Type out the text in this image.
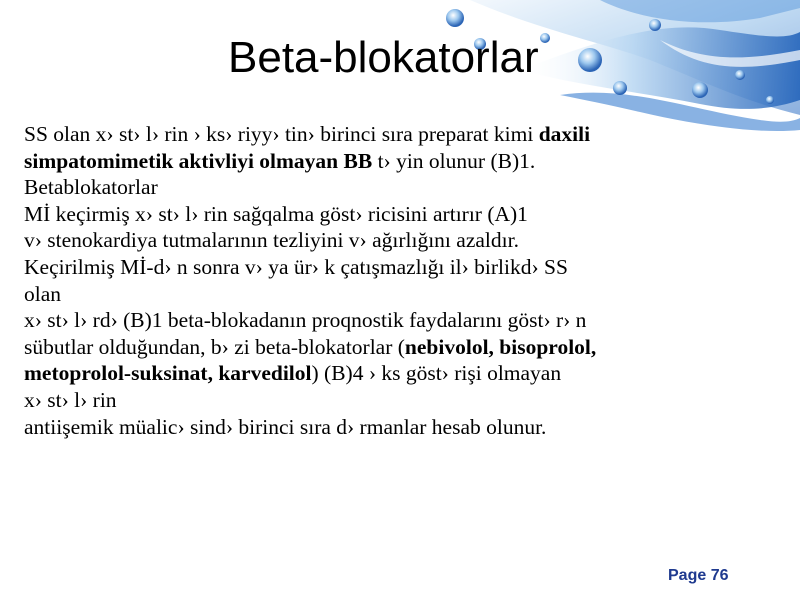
Beta-blokatorlar
SS olan x› st› l› rin › ks› riyy› tin› birinci sıra preparat kimi daxili
simpatomimetik aktivliyi olmayan BB t› yin olunur (B)1.
Betablokatorlar
Mİ keçirmiş x› st› l› rin sağqalma göst› ricisini artırır (A)1
v› stenokardiya tutmalarının tezliyini v› ağırlığını azaldır.
Keçirilmiş Mİ-d› n sonra v› ya ür› k çatışmazlığı il› birlikd› SS
olan
x› st› l› rd› (B)1 beta-blokadanın proqnostik faydalarını göst› r› n
sübutlar olduğundan, b› zi beta-blokatorlar (nebivolol, bisoprolol,
metoprolol-suksinat, karvedilol) (B)4 › ks göst› rişi olmayan
x› st› l› rin
antiişemik müalic› sind› birinci sıra d› rmanlar hesab olunur.
Page 76
